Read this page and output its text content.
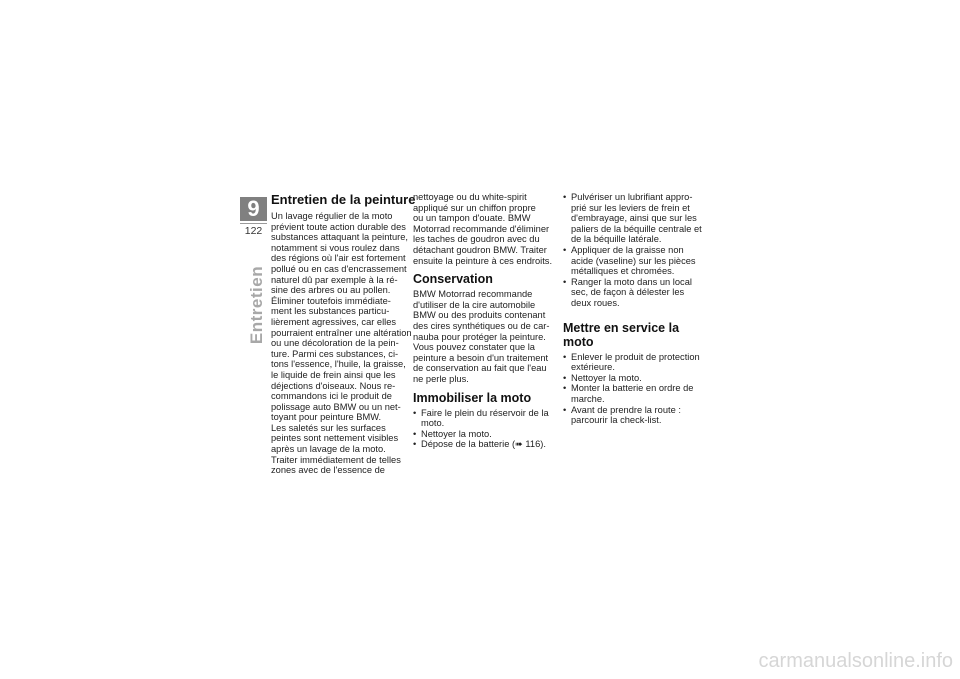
9
122
Entretien
Entretien de la peinture

Un lavage régulier de la moto
prévient toute action durable des
substances attaquant la peinture,
notamment si vous roulez dans
des régions où l'air est fortement
pollué ou en cas d'encrassement
naturel dû par exemple à la ré-
sine des arbres ou au pollen.
Éliminer toutefois immédiate-
ment les substances particu-
lièrement agressives, car elles
pourraient entraîner une altération
ou une décoloration de la pein-
ture. Parmi ces substances, ci-
tons l'essence, l'huile, la graisse,
le liquide de frein ainsi que les
déjections d'oiseaux. Nous re-
commandons ici le produit de
polissage auto BMW ou un net-
toyant pour peinture BMW.
Les saletés sur les surfaces
peintes sont nettement visibles
après un lavage de la moto.
Traiter immédiatement de telles
zones avec de l'essence de

nettoyage ou du white-spirit
appliqué sur un chiffon propre
ou un tampon d'ouate. BMW
Motorrad recommande d'éliminer
les taches de goudron avec du
détachant goudron BMW. Traiter
ensuite la peinture à ces endroits.

Conservation

BMW Motorrad recommande
d'utiliser de la cire automobile
BMW ou des produits contenant
des cires synthétiques ou de car-
nauba pour protéger la peinture.
Vous pouvez constater que la
peinture a besoin d'un traitement
de conservation au fait que l'eau
ne perle plus.

Immobiliser la moto
• Faire le plein du réservoir de la
moto.
• Nettoyer la moto.
• Dépose de la batterie (➠ 116).
• Pulvériser un lubrifiant appro-
prié sur les leviers de frein et
d'embrayage, ainsi que sur les
paliers de la béquille centrale et
de la béquille latérale.
• Appliquer de la graisse non
acide (vaseline) sur les pièces
métalliques et chromées.
• Ranger la moto dans un local
sec, de façon à délester les
deux roues.
Mettre en service la
moto
• Enlever le produit de protection
extérieure.
• Nettoyer la moto.
• Monter la batterie en ordre de
marche.
• Avant de prendre la route :
parcourir la check-list.
carmanualsonline.info
